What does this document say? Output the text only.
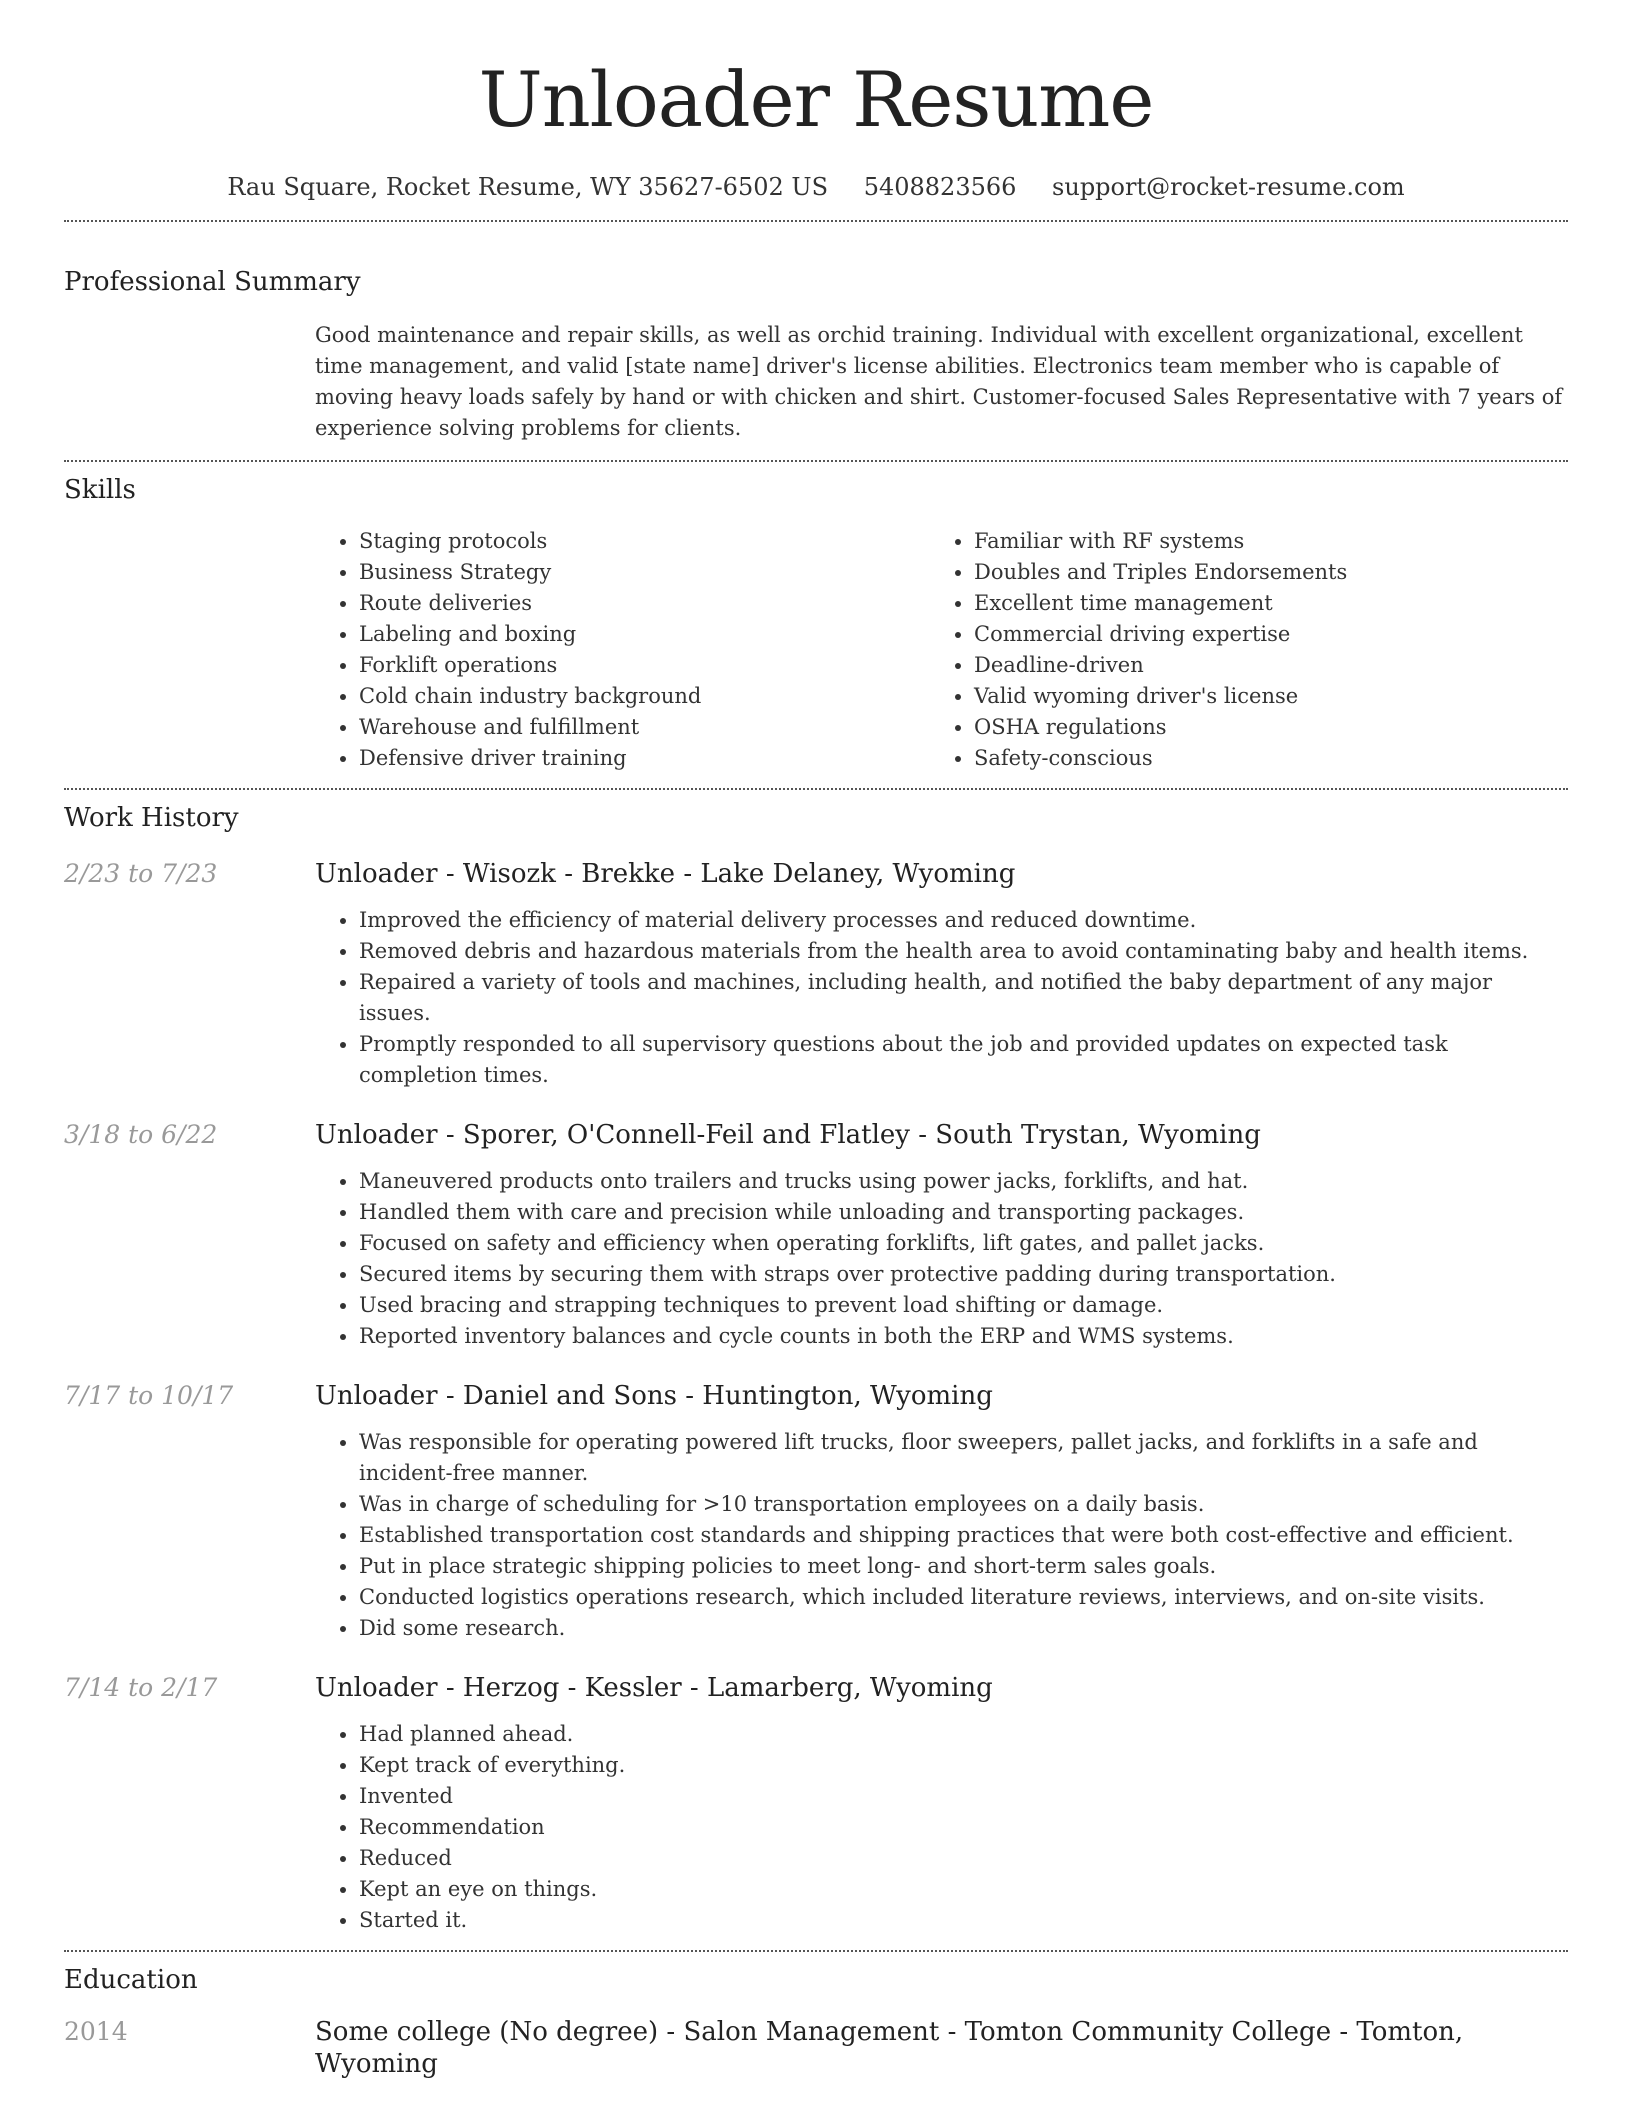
Unloader Resume
Rau Square, Rocket Resume, WY 35627-6502 US 5408823566 support@rocket-resume.com
Professional Summary
Good maintenance and repair skills, as well as orchid training. Individual with excellent organizational, excellent time management, and valid [state name] driver's license abilities. Electronics team member who is capable of moving heavy loads safely by hand or with chicken and shirt. Customer-focused Sales Representative with 7 years of experience solving problems for clients.
Skills
• Staging protocols
• Business Strategy
• Route deliveries
• Labeling and boxing
• Forklift operations
• Cold chain industry background
• Warehouse and fulfillment
• Defensive driver training
• Familiar with RF systems
• Doubles and Triples Endorsements
• Excellent time management
• Commercial driving expertise
• Deadline-driven
• Valid wyoming driver's license
• OSHA regulations
• Safety-conscious
Work History
2/23 to 7/23	Unloader - Wisozk - Brekke - Lake Delaney, Wyoming
• Improved the efficiency of material delivery processes and reduced downtime.
• Removed debris and hazardous materials from the health area to avoid contaminating baby and health items.
• Repaired a variety of tools and machines, including health, and notified the baby department of any major issues.
• Promptly responded to all supervisory questions about the job and provided updates on expected task completion times.
3/18 to 6/22	Unloader - Sporer, O'Connell-Feil and Flatley - South Trystan, Wyoming
• Maneuvered products onto trailers and trucks using power jacks, forklifts, and hat.
• Handled them with care and precision while unloading and transporting packages.
• Focused on safety and efficiency when operating forklifts, lift gates, and pallet jacks.
• Secured items by securing them with straps over protective padding during transportation.
• Used bracing and strapping techniques to prevent load shifting or damage.
• Reported inventory balances and cycle counts in both the ERP and WMS systems.
7/17 to 10/17	Unloader - Daniel and Sons - Huntington, Wyoming
• Was responsible for operating powered lift trucks, floor sweepers, pallet jacks, and forklifts in a safe and incident-free manner.
• Was in charge of scheduling for >10 transportation employees on a daily basis.
• Established transportation cost standards and shipping practices that were both cost-effective and efficient.
• Put in place strategic shipping policies to meet long- and short-term sales goals.
• Conducted logistics operations research, which included literature reviews, interviews, and on-site visits.
• Did some research.
7/14 to 2/17	Unloader - Herzog - Kessler - Lamarberg, Wyoming
• Had planned ahead.
• Kept track of everything.
• Invented
• Recommendation
• Reduced
• Kept an eye on things.
• Started it.
Education
2014	Some college (No degree) - Salon Management - Tomton Community College - Tomton, Wyoming
